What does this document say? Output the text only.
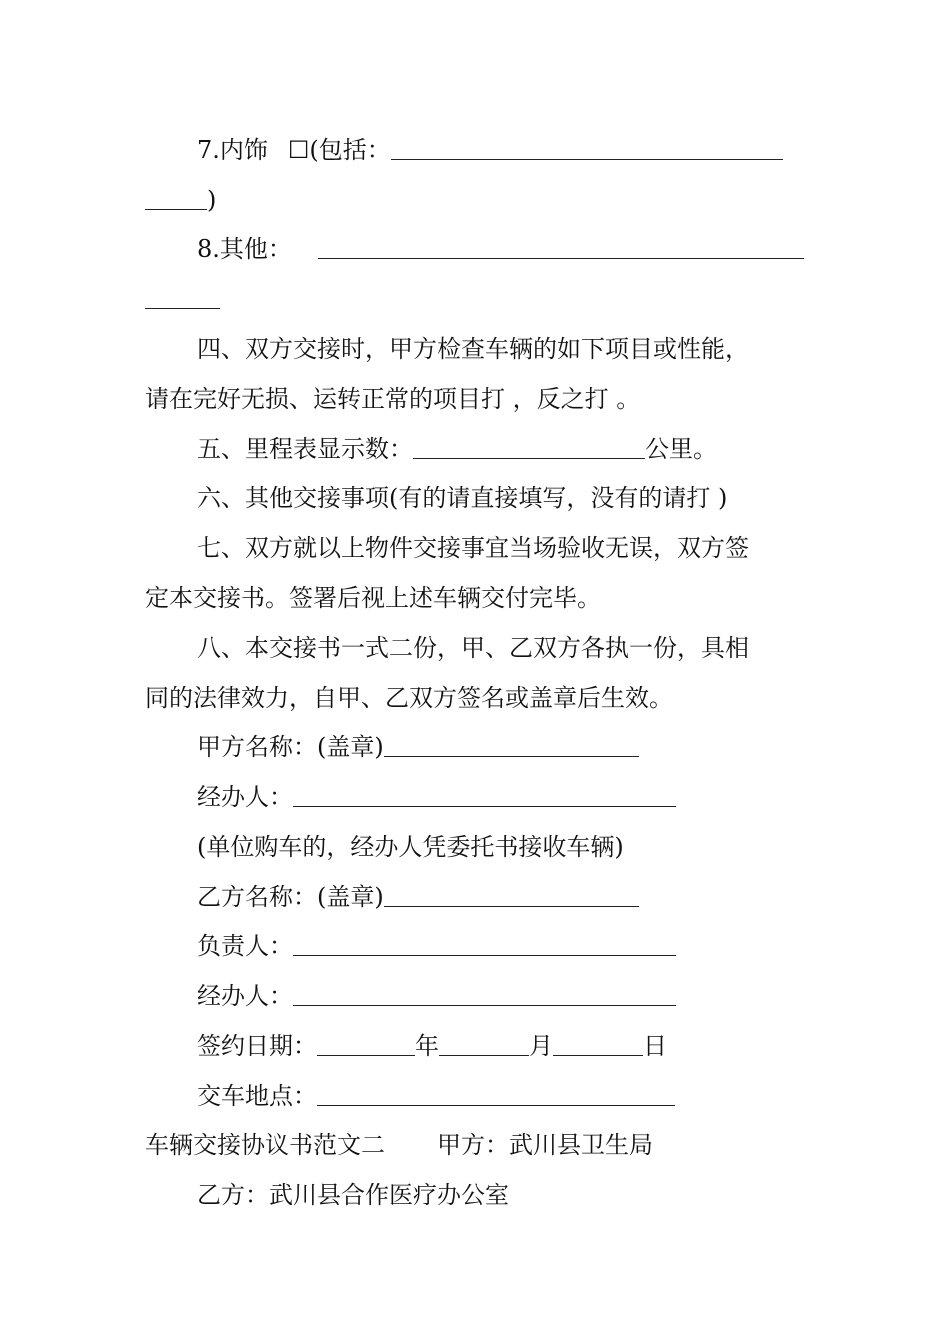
7.内饰 ☐(包括：
)
8.其他：
四、双方交接时，甲方检查车辆的如下项目或性能，
请在完好无损、运转正常的项目打 ，反之打 。
五、里程表显示数：	公里。
六、其他交接事项(有的请直接填写，没有的请打 )
七、双方就以上物件交接事宜当场验收无误，双方签
定本交接书。签署后视上述车辆交付完毕。
八、本交接书一式二份，甲、乙双方各执一份，具相
同的法律效力，自甲、乙双方签名或盖章后生效。
甲方名称：(盖章)
经办人：
(单位购车的，经办人凭委托书接收车辆)
乙方名称：(盖章)
负责人：
经办人：
签约日期：	年	月	日
交车地点：
车辆交接协议书范文二 甲方：武川县卫生局
乙方：武川县合作医疗办公室
